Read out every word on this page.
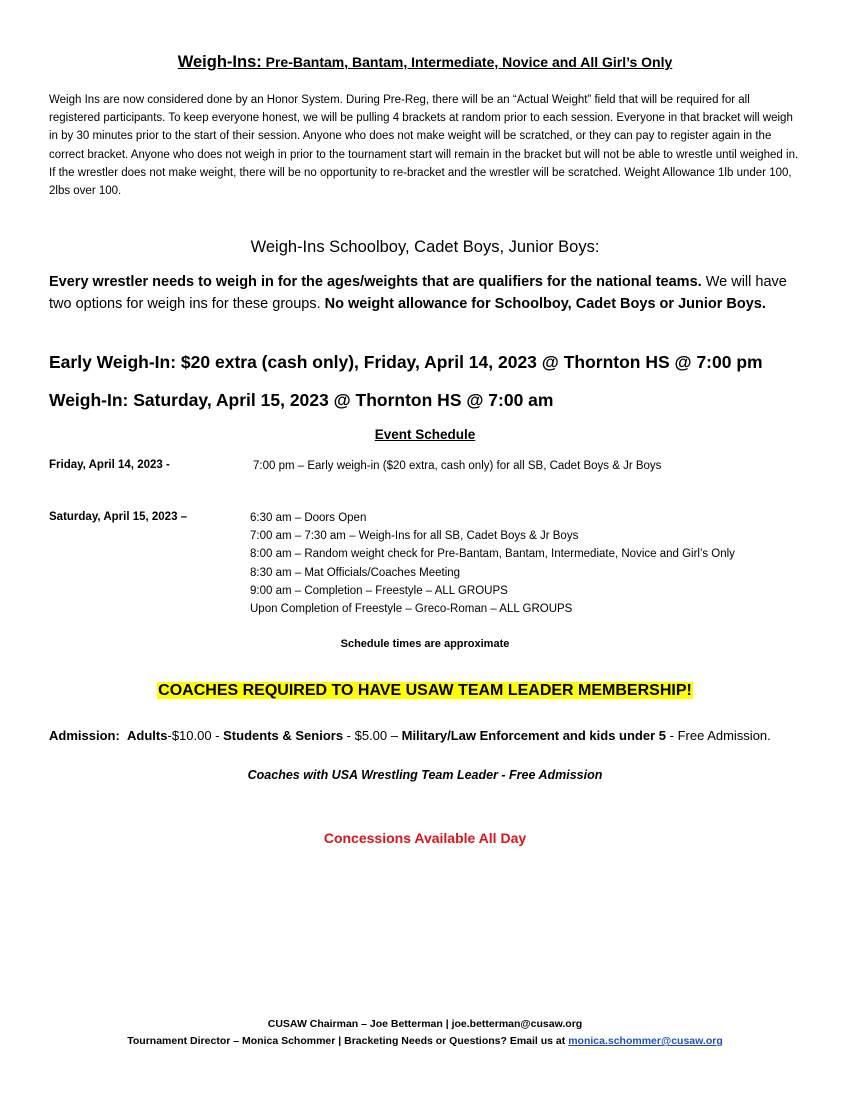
Weigh-Ins: Pre-Bantam, Bantam, Intermediate, Novice and All Girl’s Only
Weigh Ins are now considered done by an Honor System. During Pre-Reg, there will be an “Actual Weight” field that will be required for all registered participants. To keep everyone honest, we will be pulling 4 brackets at random prior to each session. Everyone in that bracket will weigh in by 30 minutes prior to the start of their session. Anyone who does not make weight will be scratched, or they can pay to register again in the correct bracket. Anyone who does not weigh in prior to the tournament start will remain in the bracket but will not be able to wrestle until weighed in. If the wrestler does not make weight, there will be no opportunity to re-bracket and the wrestler will be scratched. Weight Allowance 1lb under 100, 2lbs over 100.
Weigh-Ins Schoolboy, Cadet Boys, Junior Boys:
Every wrestler needs to weigh in for the ages/weights that are qualifiers for the national teams. We will have two options for weigh ins for these groups. No weight allowance for Schoolboy, Cadet Boys or Junior Boys.
Early Weigh-In: $20 extra (cash only), Friday, April 14, 2023 @ Thornton HS @ 7:00 pm
Weigh-In: Saturday, April 15, 2023 @ Thornton HS @ 7:00 am
Event Schedule
Friday, April 14, 2023 -	7:00 pm – Early weigh-in ($20 extra, cash only) for all SB, Cadet Boys & Jr Boys
Saturday, April 15, 2023 –	6:30 am – Doors Open
7:00 am – 7:30 am – Weigh-Ins for all SB, Cadet Boys & Jr Boys
8:00 am – Random weight check for Pre-Bantam, Bantam, Intermediate, Novice and Girl’s Only
8:30 am – Mat Officials/Coaches Meeting
9:00 am – Completion – Freestyle – ALL GROUPS
Upon Completion of Freestyle – Greco-Roman – ALL GROUPS
Schedule times are approximate
COACHES REQUIRED TO HAVE USAW TEAM LEADER MEMBERSHIP!
Admission: Adults-$10.00 - Students & Seniors - $5.00 – Military/Law Enforcement and kids under 5 - Free Admission.
Coaches with USA Wrestling Team Leader - Free Admission
Concessions Available All Day
CUSAW Chairman – Joe Betterman | joe.betterman@cusaw.org
Tournament Director – Monica Schommer | Bracketing Needs or Questions? Email us at monica.schommer@cusaw.org
